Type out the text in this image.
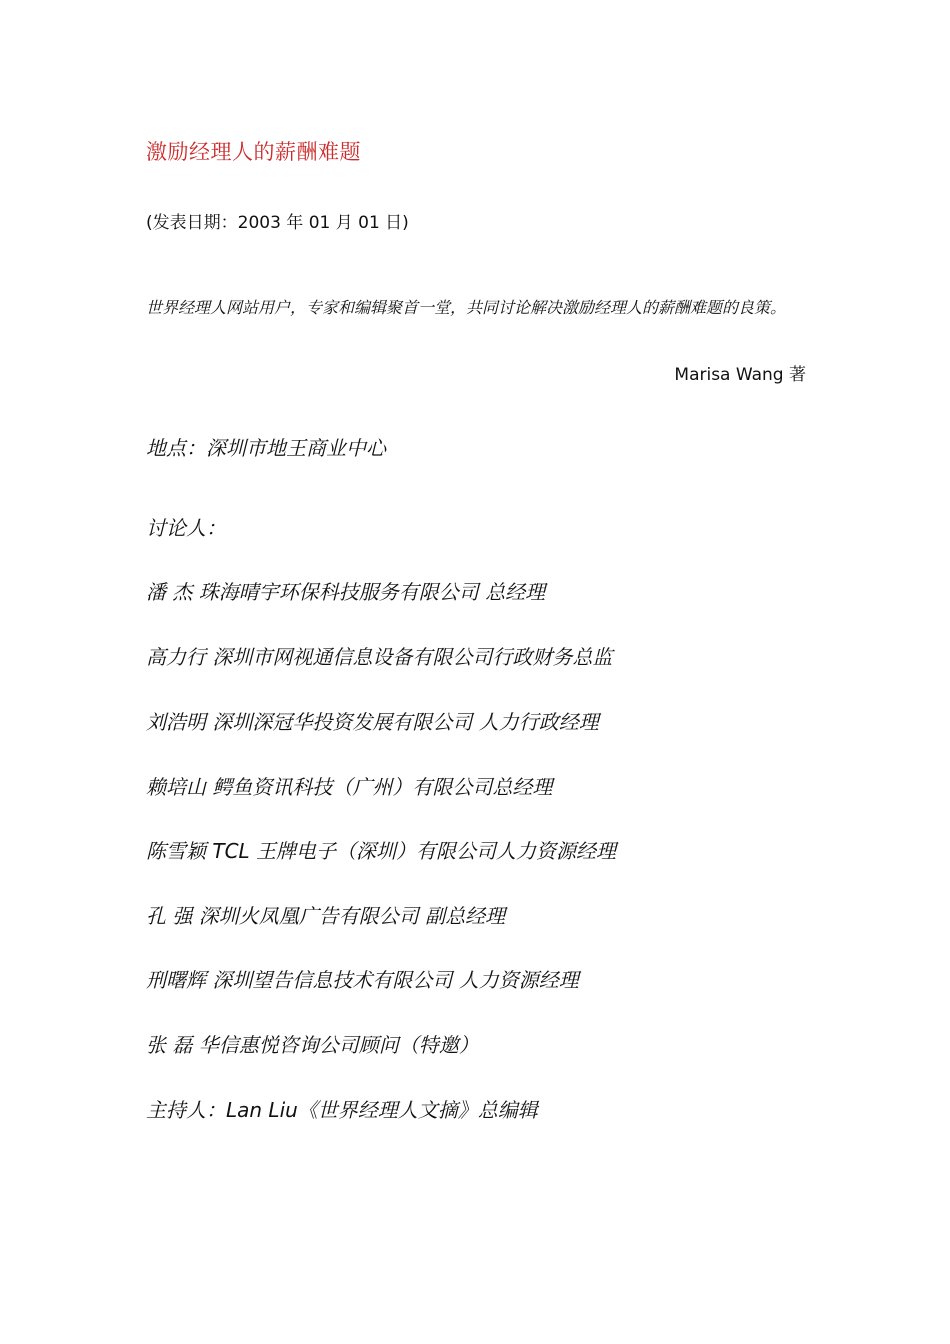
激励经理人的薪酬难题
(发表日期：2003 年 01 月 01 日)
世界经理人网站用户，专家和编辑聚首一堂，共同讨论解决激励经理人的薪酬难题的良策。
Marisa Wang 著
地点：深圳市地王商业中心
讨论人：
潘 杰 珠海晴宇环保科技服务有限公司 总经理
高力行 深圳市网视通信息设备有限公司行政财务总监
刘浩明 深圳深冠华投资发展有限公司 人力行政经理
赖培山 鳄鱼资讯科技（广州）有限公司总经理
陈雪颖 TCL 王牌电子（深圳）有限公司人力资源经理
孔 强 深圳火凤凰广告有限公司 副总经理
刑曙辉 深圳望告信息技术有限公司 人力资源经理
张 磊 华信惠悦咨询公司顾问（特邀）
主持人：Lan Liu《世界经理人文摘》总编辑
